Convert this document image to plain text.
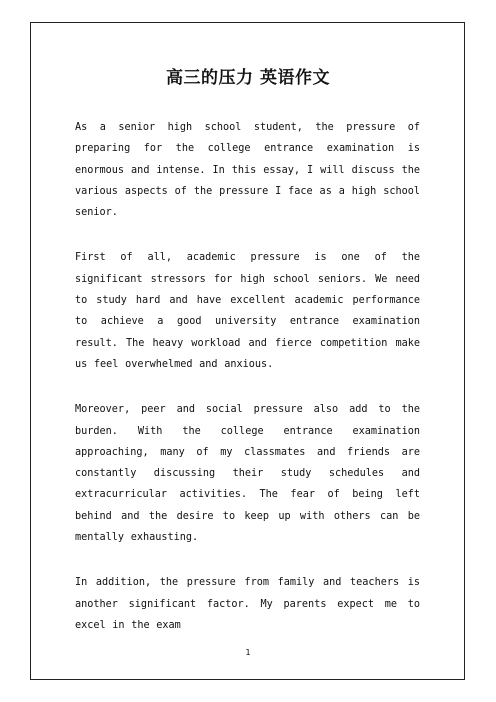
高三的压力 英语作文

As a senior high school student, the pressure of preparing for the college entrance examination is enormous and intense. In this essay, I will discuss the various aspects of the pressure I face as a high school senior.

First of all, academic pressure is one of the significant stressors for high school seniors. We need to study hard and have excellent academic performance to achieve a good university entrance examination result. The heavy workload and fierce competition make us feel overwhelmed and anxious.

Moreover, peer and social pressure also add to the burden. With the college entrance examination approaching, many of my classmates and friends are constantly discussing their study schedules and extracurricular activities. The fear of being left behind and the desire to keep up with others can be mentally exhausting.

In addition, the pressure from family and teachers is another significant factor. My parents expect me to excel in the exam

1
